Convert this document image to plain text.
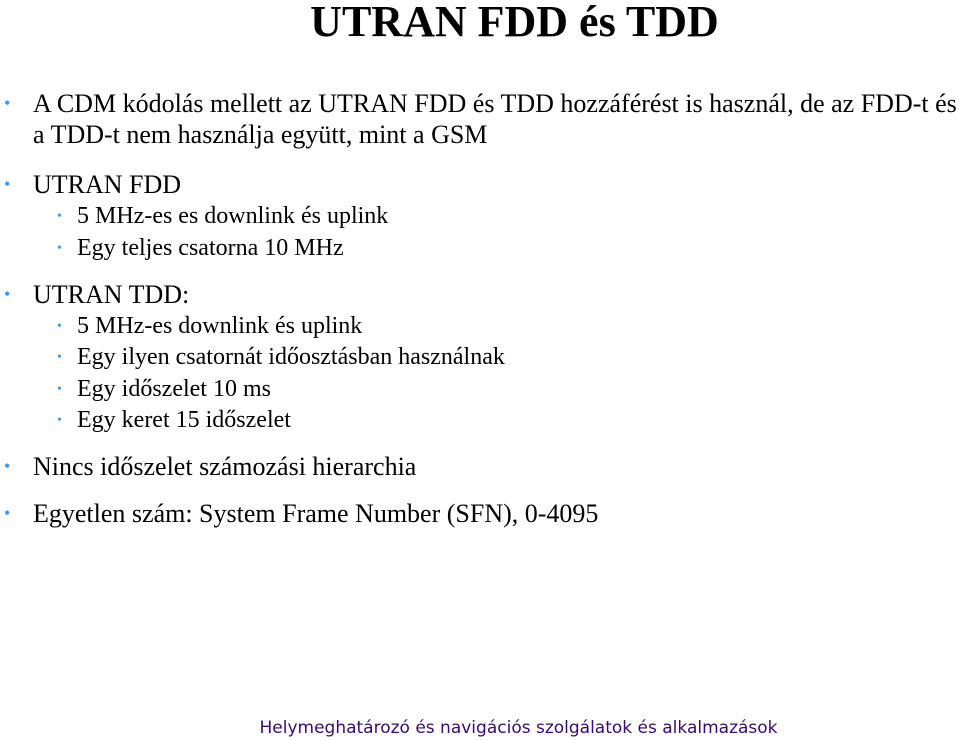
UTRAN FDD és TDD
• A CDM kódolás mellett az UTRAN FDD és TDD hozzáférést is használ, de az FDD-t és a TDD-t nem használja együtt, mint a GSM
• UTRAN FDD
• 5 MHz-es es downlink és uplink
• Egy teljes csatorna 10 MHz
• UTRAN TDD:
• 5 MHz-es downlink és uplink
• Egy ilyen csatornát időosztásban használnak
• Egy időszelet 10 ms
• Egy keret 15 időszelet
• Nincs időszelet számozási hierarchia
• Egyetlen szám: System Frame Number (SFN), 0-4095
Helymeghatározó és navigációs szolgálatok és alkalmazások
